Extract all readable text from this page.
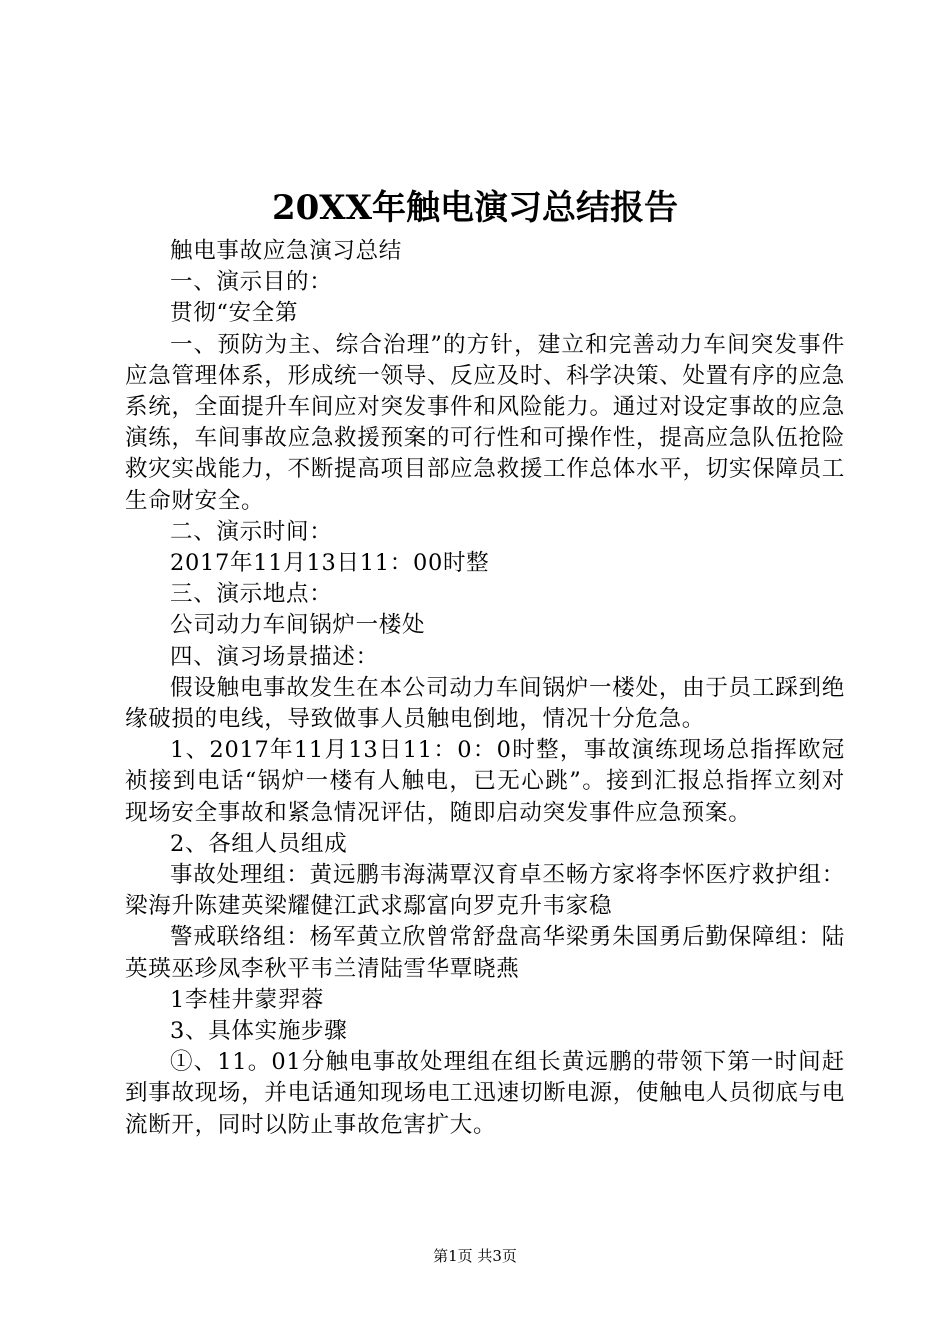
20XX年触电演习总结报告

触电事故应急演习总结

一、演示目的：

贯彻“安全第

一、预防为主、综合治理”的方针，建立和完善动力车间突发事件应急管理体系，形成统一领导、反应及时、科学决策、处置有序的应急系统，全面提升车间应对突发事件和风险能力。通过对设定事故的应急演练，车间事故应急救援预案的可行性和可操作性，提高应急队伍抢险救灾实战能力，不断提高项目部应急救援工作总体水平，切实保障员工生命财安全。

二、演示时间：

2017年11月13日11：00时整

三、演示地点：

公司动力车间锅炉一楼处

四、演习场景描述：

假设触电事故发生在本公司动力车间锅炉一楼处，由于员工踩到绝缘破损的电线，导致做事人员触电倒地，情况十分危急。

1、2017年11月13日11：0：0时整，事故演练现场总指挥欧冠祯接到电话“锅炉一楼有人触电，已无心跳”。接到汇报总指挥立刻对现场安全事故和紧急情况评估，随即启动突发事件应急预案。

2、各组人员组成

事故处理组：黄远鹏韦海满覃汉育卓丕畅方家将李怀医疗救护组：梁海升陈建英梁耀健江武求鄢富向罗克升韦家稳

警戒联络组：杨军黄立欣曾常舒盘高华梁勇朱国勇后勤保障组：陆英瑛巫珍凤李秋平韦兰清陆雪华覃晓燕

1李桂井蒙羿蓉

3、具体实施步骤

①、11。01分触电事故处理组在组长黄远鹏的带领下第一时间赶到事故现场，并电话通知现场电工迅速切断电源，使触电人员彻底与电流断开，同时以防止事故危害扩大。

第1页 共3页
